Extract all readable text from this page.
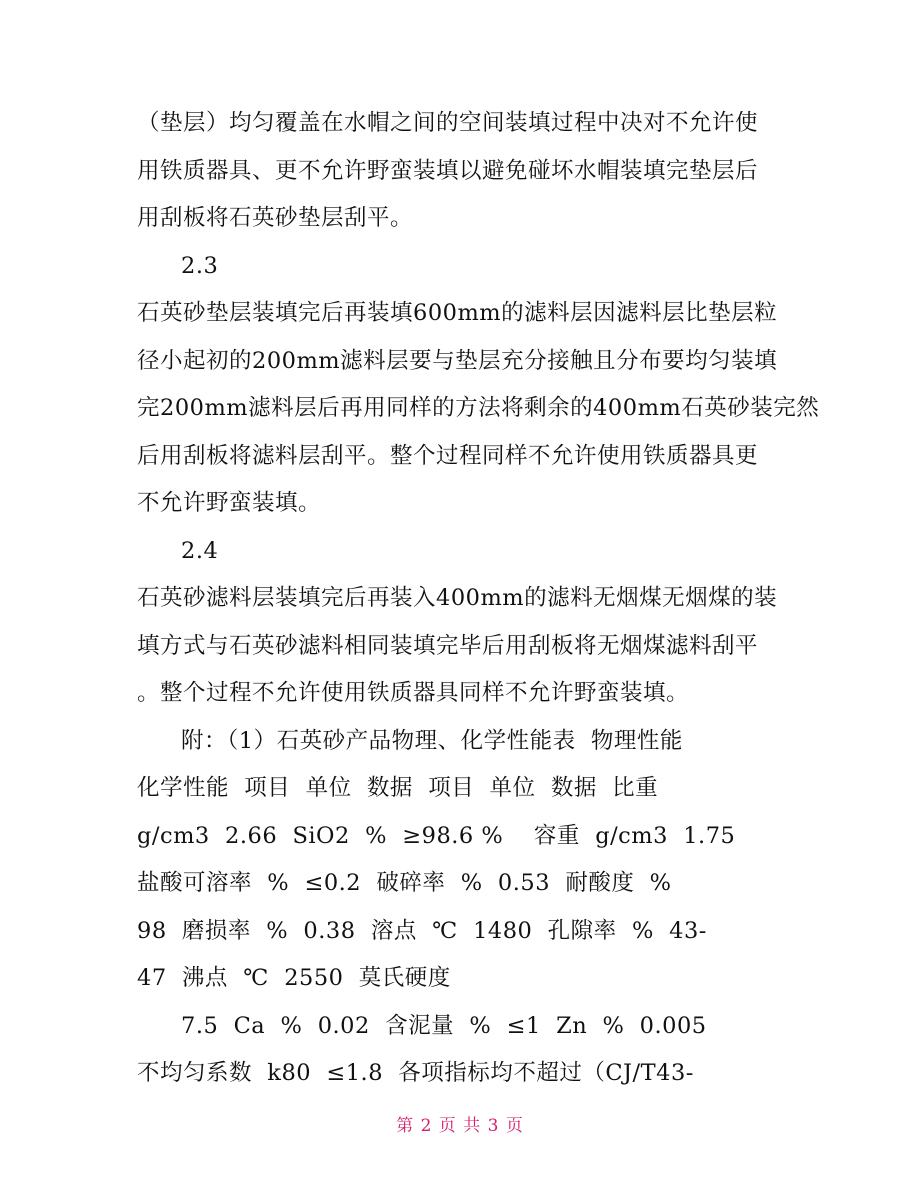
（垫层）均匀覆盖在水帽之间的空间装填过程中决对不允许使
用铁质器具、更不允许野蛮装填以避免碰坏水帽装填完垫层后
用刮板将石英砂垫层刮平。
2.3
石英砂垫层装填完后再装填600mm的滤料层因滤料层比垫层粒
径小起初的200mm滤料层要与垫层充分接触且分布要均匀装填
完200mm滤料层后再用同样的方法将剩余的400mm石英砂装完然
后用刮板将滤料层刮平。整个过程同样不允许使用铁质器具更
不允许野蛮装填。
2.4
石英砂滤料层装填完后再装入400mm的滤料无烟煤无烟煤的装
填方式与石英砂滤料相同装填完毕后用刮板将无烟煤滤料刮平
。整个过程不允许使用铁质器具同样不允许野蛮装填。
附：（1）石英砂产品物理、化学性能表  物理性能
化学性能  项目  单位  数据  项目  单位  数据  比重
g/cm3  2.66  SiO2  %  ≥98.6 %    容重  g/cm3  1.75
盐酸可溶率  %  ≤0.2  破碎率  %  0.53  耐酸度  %
98  磨损率  %  0.38  溶点  ℃  1480  孔隙率  %  43-
47  沸点  ℃  2550  莫氏硬度
7.5  Ca  %  0.02  含泥量  %  ≤1  Zn  %  0.005
不均匀系数  k80  ≤1.8  各项指标均不超过（CJ/T43-
第 2 页 共 3 页
